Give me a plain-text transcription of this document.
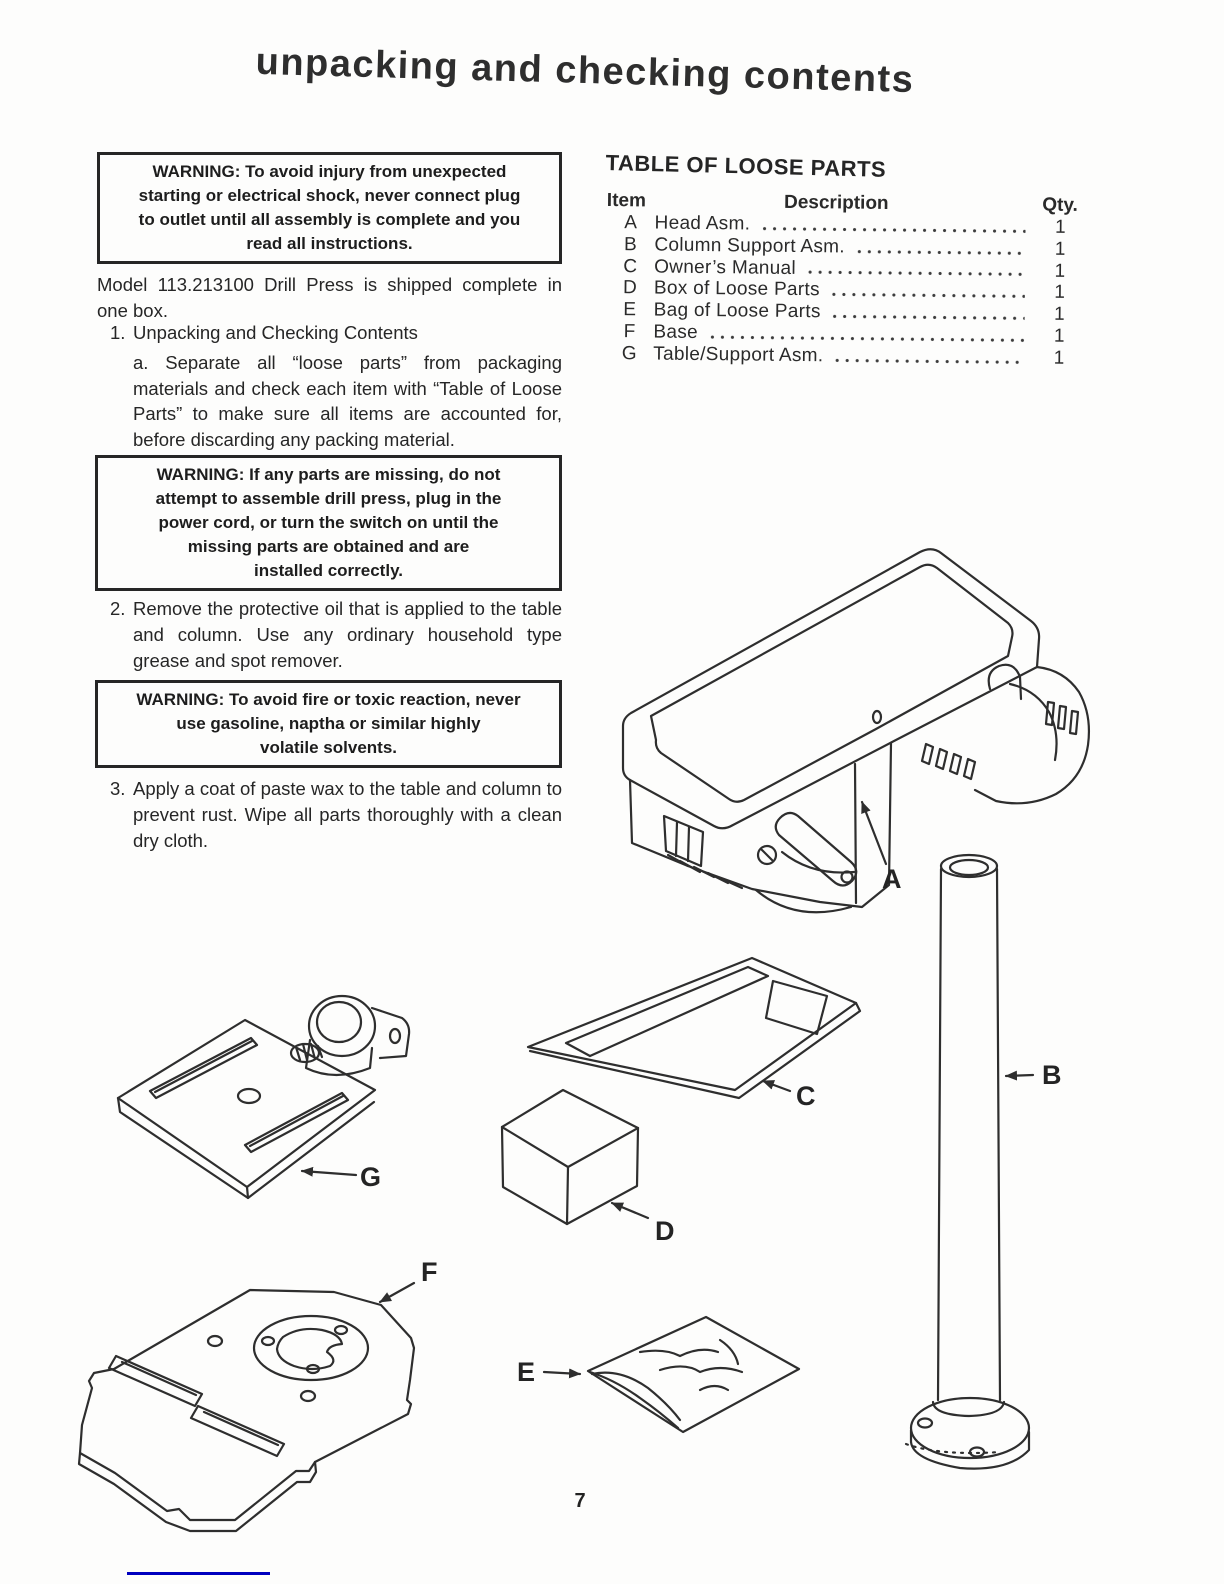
unpacking and checking contents
WARNING: To avoid injury from unexpected
starting or electrical shock, never connect plug
to outlet until all assembly is complete and you
read all instructions.
Model 113.213100 Drill Press is shipped complete in one box.
1. Unpacking and Checking Contents
a. Separate all “loose parts” from packaging materials and check each item with “Table of Loose Parts” to make sure all items are accounted for, before discarding any packing material.
WARNING: If any parts are missing, do not
attempt to assemble drill press, plug in the
power cord, or turn the switch on until the
missing parts are obtained and are
installed correctly.
2. Remove the protective oil that is applied to the table and column. Use any ordinary household type grease and spot remover.
WARNING: To avoid fire or toxic reaction, never
use gasoline, naptha or similar highly
volatile solvents.
3. Apply a coat of paste wax to the table and column to prevent rust. Wipe all parts thoroughly with a clean dry cloth.
TABLE OF LOOSE PARTS
Item	Description	Qty.
A Head Asm.	1
B Column Support Asm.	1
C Owner’s Manual	1
D Box of Loose Parts	1
E Bag of Loose Parts	1
F Base	1
G Table/Support Asm.	1
A
B
C
D
E
F
G
7
